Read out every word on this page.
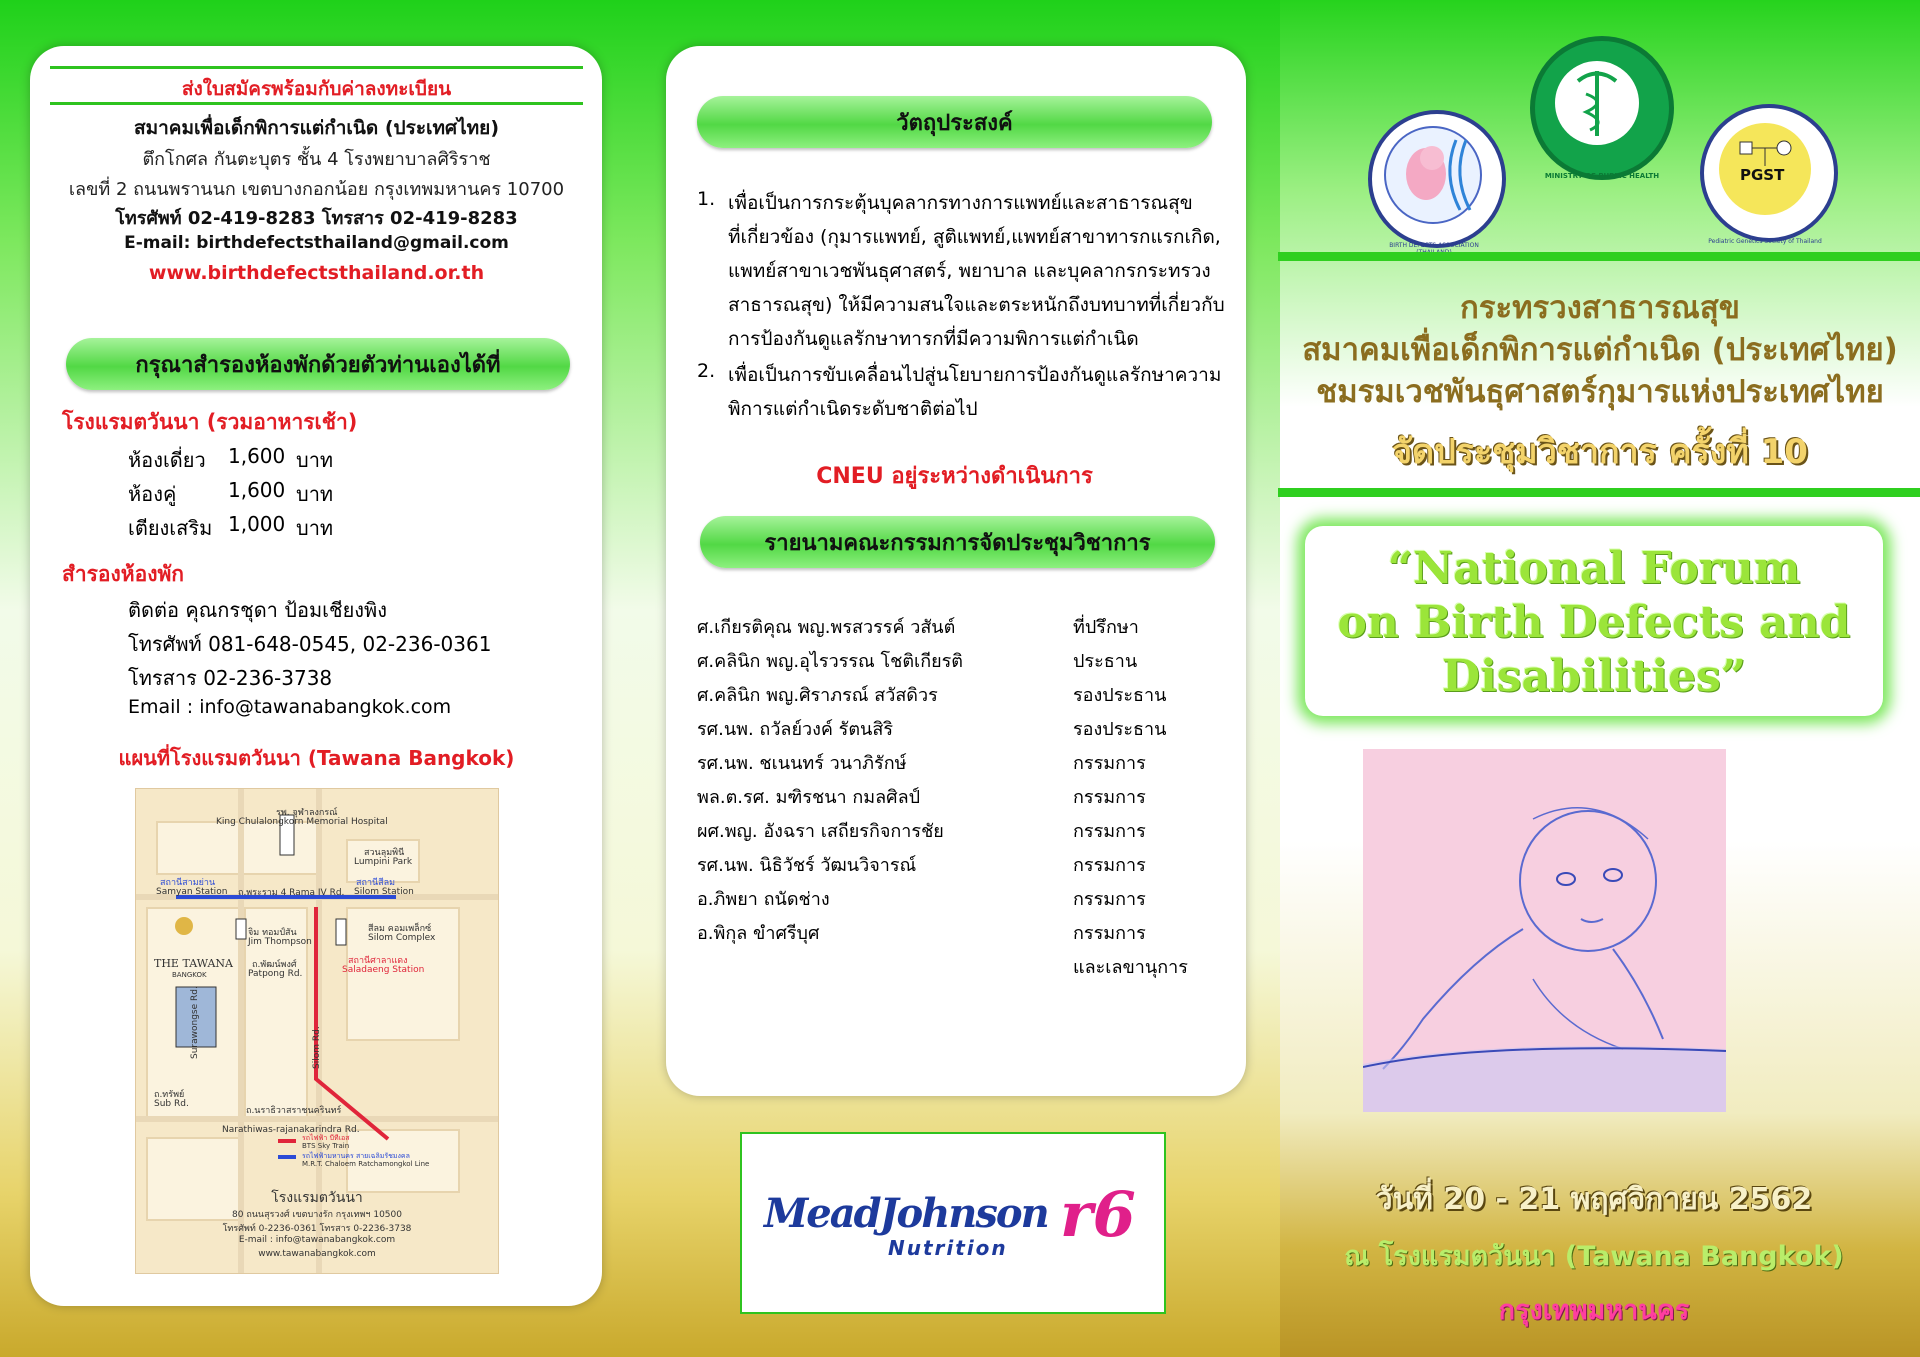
ส่งใบสมัครพร้อมกับค่าลงทะเบียน
สมาคมเพื่อเด็กพิการแต่กำเนิด (ประเทศไทย)
ตึกโกศล กันตะบุตร ชั้น 4 โรงพยาบาลศิริราช
เลขที่ 2 ถนนพรานนก เขตบางกอกน้อย กรุงเทพมหานคร 10700
โทรศัพท์ 02-419-8283 โทรสาร 02-419-8283
E-mail: birthdefectsthailand@gmail.com
www.birthdefectsthailand.or.th
กรุณาสำรองห้องพักด้วยตัวท่านเองได้ที่
โรงแรมตวันนา (รวมอาหารเช้า)
ห้องเดี่ยว 1,600 บาท
ห้องคู่	1,600 บาท
เตียงเสริม 1,000 บาท
สำรองห้องพัก
ติดต่อ คุณกรชุดา ป้อมเชียงพิง
โทรศัพท์ 081-648-0545, 02-236-0361
โทรสาร 02-236-3738
Email : info@tawanabangkok.com
แผนที่โรงแรมตวันนา (Tawana Bangkok)
รพ. จุฬาลงกรณ์
King Chulalongkorn Memorial Hospital
สวนลุมพินี
Lumpini Park
สถานีสามย่าน
Samyan Station ถ.พระราม 4 Rama IV Rd.
สถานีสีลม
Silom Station
จิม ทอมป์สัน
Jim Thompson
สีลม คอมเพล็กซ์
Silom Complex
THE TAWANA
BANGKOK
ถ.พัฒน์พงศ์
Patpong Rd.
สถานีศาลาแดง
Saladaeng Station
Surawongse Rd.	Silom Rd.
ถ.ทรัพย์
Sub Rd.
ถ.นราธิวาสราชนครินทร์
Narathiwas-rajanakarindra Rd.
รถไฟฟ้า บีทีเอส
BTS Sky Train
รถไฟฟ้ามหานคร สายเฉลิมรัชมงคล
M.R.T. Chaloem Ratchamongkol Line
โรงแรมตวันนา
80 ถนนสุรวงศ์ เขตบางรัก กรุงเทพฯ 10500
โทรศัพท์ 0-2236-0361 โทรสาร 0-2236-3738
E-mail : info@tawanabangkok.com
www.tawanabangkok.com
วัตถุประสงค์
1. เพื่อเป็นการกระตุ้นบุคลากรทางการแพทย์และสาธารณสุข
ที่เกี่ยวข้อง (กุมารแพทย์, สูติแพทย์,แพทย์สาขาทารกแรกเกิด,
แพทย์สาขาเวชพันธุศาสตร์, พยาบาล และบุคลากรกระทรวง
สาธารณสุข) ให้มีความสนใจและตระหนักถึงบทบาทที่เกี่ยวกับ
การป้องกันดูแลรักษาทารกที่มีความพิการแต่กำเนิด
2. เพื่อเป็นการขับเคลื่อนไปสู่นโยบายการป้องกันดูแลรักษาความ
พิการแต่กำเนิดระดับชาติต่อไป
CNEU อยู่ระหว่างดำเนินการ
รายนามคณะกรรมการจัดประชุมวิชาการ
ศ.เกียรติคุณ พญ.พรสวรรค์ วสันต์	ที่ปรึกษา
ศ.คลินิก พญ.อุไรวรรณ โชติเกียรติ	ประธาน
ศ.คลินิก พญ.ศิราภรณ์ สวัสดิวร	รองประธาน
รศ.นพ. ถวัลย์วงค์ รัตนสิริ	รองประธาน
รศ.นพ. ชเนนทร์ วนาภิรักษ์	กรรมการ
พล.ต.รศ. มฑิรชนา กมลศิลป์	กรรมการ
ผศ.พญ. อังฉรา เสถียรกิจการชัย	กรรมการ
รศ.นพ. นิธิวัชร์ วัฒนวิจารณ์	กรรมการ
อ.ภิพยา ถนัดช่าง	กรรมการ
อ.พิกุล ขำศรีบุศ	กรรมการ
และเลขานุการ
MeadJohnson
Nutrition r6
BIRTH DEFECTS ASSOCIATION
MINISTRY OF PUBLIC HEALTH	PGST
Pediatric Genetics Society of Thailand
กระทรวงสาธารณสุข
สมาคมเพื่อเด็กพิการแต่กำเนิด (ประเทศไทย)
ชมรมเวชพันธุศาสตร์กุมารแห่งประเทศไทย
จัดประชุมวิชาการ ครั้งที่ 10
“National Forum
on Birth Defects and
Disabilities”
วันที่ 20 - 21 พฤศจิกายน 2562
ณ โรงแรมตวันนา (Tawana Bangkok)
กรุงเทพมหานคร
